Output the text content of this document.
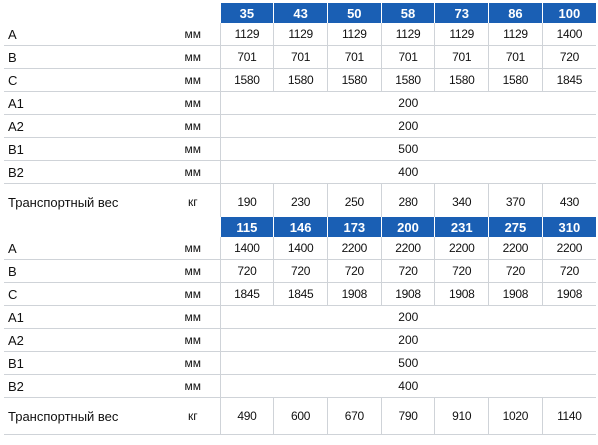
		35	43	50	58	73	86	100
A	мм	1129	1129	1129	1129	1129	1129	1400
B	мм	701	701	701	701	701	701	720
C	мм	1580	1580	1580	1580	1580	1580	1845
A1	мм	200						
A2	мм	200						
B1	мм	500						
B2	мм	400						
Транспортный вес	кг	190	230	250	280	340	370	430
		115	146	173	200	231	275	310
A	мм	1400	1400	2200	2200	2200	2200	2200
B	мм	720	720	720	720	720	720	720
C	мм	1845	1845	1908	1908	1908	1908	1908
A1	мм	200						
A2	мм	200						
B1	мм	500						
B2	мм	400						
Транспортный вес	кг	490	600	670	790	910	1020	1140
